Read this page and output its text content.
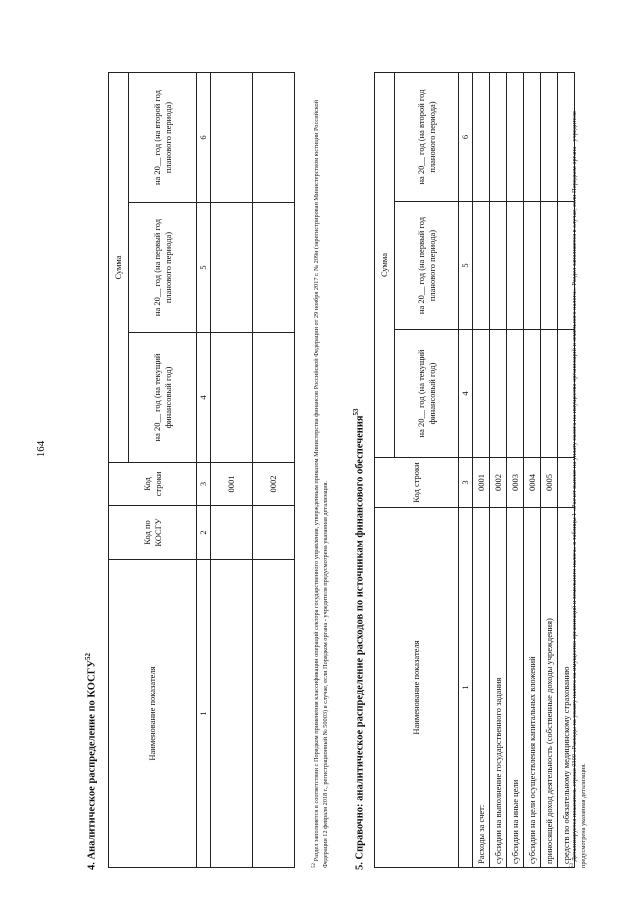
164
4. Аналитическое распределение по КОСГУ$^{52}$
Наименование показателя	Код по КОСГУ	Код строки	Сумма		
			на 20__ год (на текущий финансовый год)	на 20__ год (на первый год планового периода)	на 20__ год (на второй год планового периода)
1	2	3	4	5	6
		0001			
		0002			
$^{52}$ Раздел заполняется в соответствии с Порядком применения классификации операций сектора государственного управления, утвержденным приказом Министерства финансов Российской Федерации от 29 ноября 2017 г. № 209н (зарегистрирован Министерством юстиции Российской Федерации 12 февраля 2018 г., регистрационный № 50003) в случае, если Порядком органа - учредителя предусмотрена указанная детализация. 5. Справочно: аналитическое распределение расходов по источникам финансового обеспечения$^{53}$
Наименование показателя	Код строки	Сумма		
		на 20__ год (на текущий финансовый год)	на 20__ год (на первый год планового периода)	на 20__ год (на второй год планового периода)
1	3	4	5	6
Расходы за счет:	0001			
субсидии на выполнение государственного задания	0002			
субсидии на иные цели	0003			
субсидии на цели осуществления капитальных вложений	0004			
приносящей доход деятельность (собственные доходы учреждения)	0005			
средств по обязательному медицинскому страхованию				
$^{53}$ Детализируется показатель строки 0300 «Расходы на уплату налога на имущество организаций и земельного налога» в таблицы 1 «Расчет выплат на уплату налога на имущество организаций и земельного налога». Раздел заполняется в случае, если Порядком органа - учредителя предусмотрена указанная детализация.
